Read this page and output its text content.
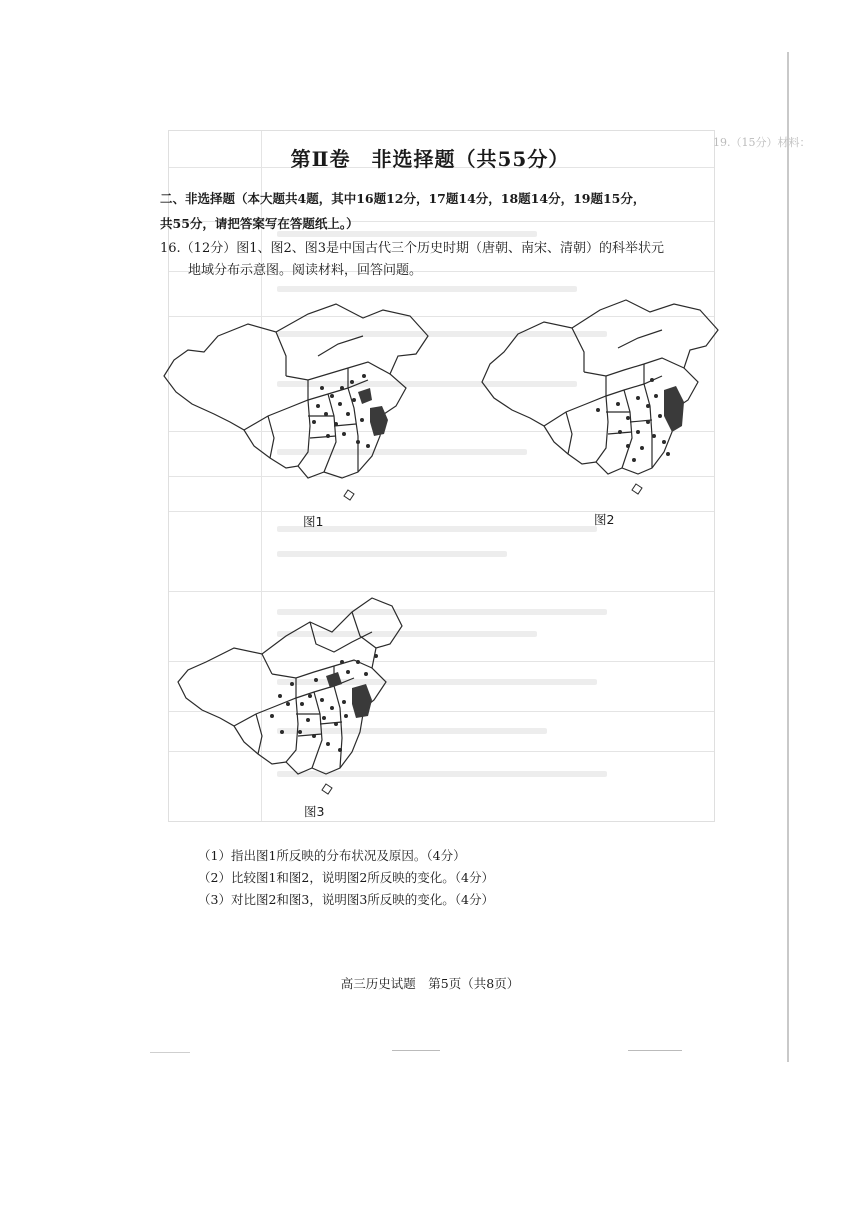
19.（15分）材料：
第Ⅱ卷　非选择题（共55分）
二、非选择题（本大题共4题，其中16题12分，17题14分，18题14分，19题15分，
共55分，请把答案写在答题纸上。）
16.（12分）图1、图2、图3是中国古代三个历史时期（唐朝、南宋、清朝）的科举状元
地域分布示意图。阅读材料，回答问题。
图1	图2
图3
（1）指出图1所反映的分布状况及原因。（4分）
（2）比较图1和图2，说明图2所反映的变化。（4分）
（3）对比图2和图3，说明图3所反映的变化。（4分）
高三历史试题　第5页（共8页）
